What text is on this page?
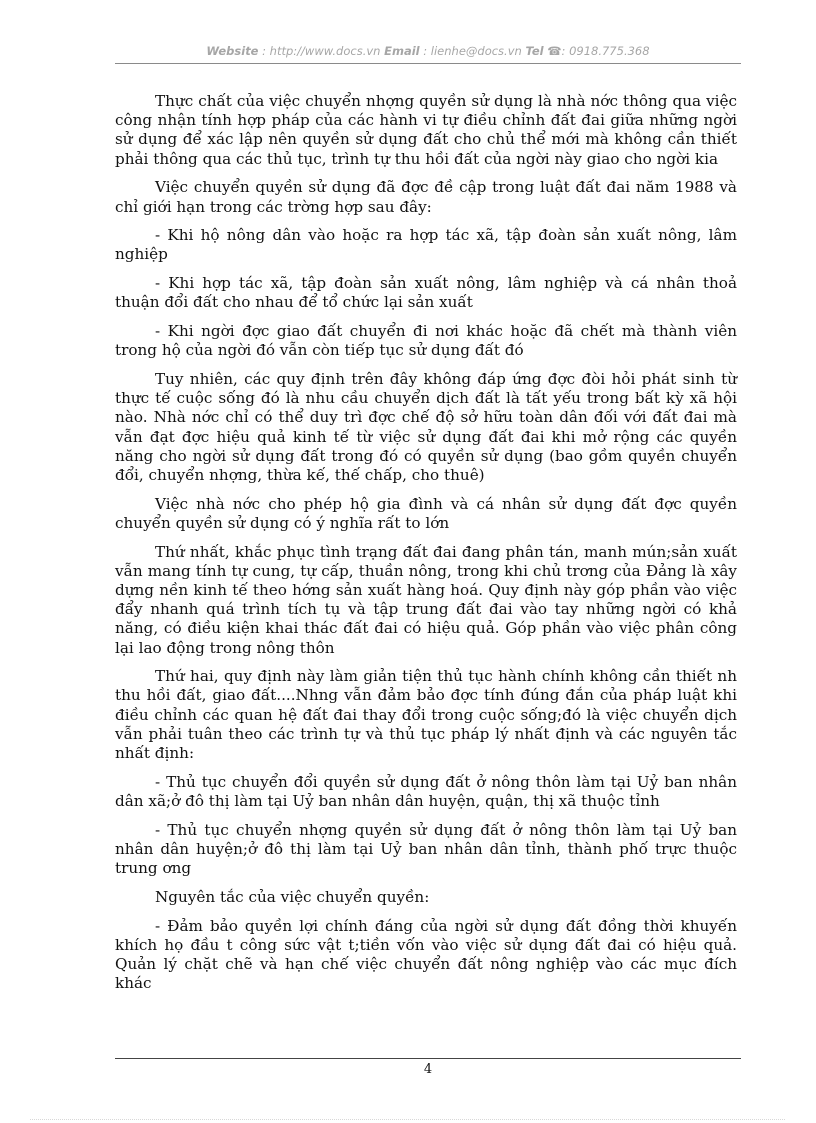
Website : http://www.docs.vn Email : lienhe@docs.vn Tel ☎: 0918.775.368

Thực chất của việc chuyển nhợng quyền sử dụng là nhà nớc thông qua việc công nhận tính hợp pháp của các hành vi tự điều chỉnh đất đai giữa những ngời sử dụng để xác lập nên quyền sử dụng đất cho chủ thể mới mà không cần thiết phải thông qua các thủ tục, trình tự thu hồi đất của ngời này giao cho ngời kia

Việc chuyển quyền sử dụng đã đợc đề cập trong luật đất đai năm 1988 và chỉ giới hạn trong các trờng hợp sau đây:

- Khi hộ nông dân vào hoặc ra hợp tác xã, tập đoàn sản xuất nông, lâm nghiệp

- Khi hợp tác xã, tập đoàn sản xuất nông, lâm nghiệp và cá nhân thoả thuận đổi đất cho nhau để tổ chức lại sản xuất

- Khi ngời đợc giao đất chuyển đi nơi khác hoặc đã chết mà thành viên trong hộ của ngời đó vẫn còn tiếp tục sử dụng đất đó

Tuy nhiên, các quy định trên đây không đáp ứng đợc đòi hỏi phát sinh từ thực tế cuộc sống đó là nhu cầu chuyển dịch đất là tất yếu trong bất kỳ xã hội nào. Nhà nớc chỉ có thể duy trì đợc chế độ sở hữu toàn dân đối với đất đai mà vẫn đạt đợc hiệu quả kinh tế từ việc sử dụng đất đai khi mở rộng các quyền năng cho ngời sử dụng đất trong đó có quyền sử dụng (bao gồm quyền chuyển đổi, chuyển nhợng, thừa kế, thế chấp, cho thuê)

Việc nhà nớc cho phép hộ gia đình và cá nhân sử dụng đất đợc quyền chuyển quyền sử dụng có ý nghĩa rất to lớn

Thứ nhất, khắc phục tình trạng đất đai đang phân tán, manh mún;sản xuất vẫn mang tính tự cung, tự cấp, thuần nông, trong khi chủ trơng của Đảng là xây dựng nền kinh tế theo hớng sản xuất hàng hoá. Quy định này góp phần vào việc đẩy nhanh quá trình tích tụ và tập trung đất đai vào tay những ngời có khả năng, có điều kiện khai thác đất đai có hiệu quả. Góp phần vào việc phân công lại lao động trong nông thôn

Thứ hai, quy định này làm giản tiện thủ tục hành chính không cần thiết nh thu hồi đất, giao đất....Nhng vẫn đảm bảo đợc tính đúng đắn của pháp luật khi điều chỉnh các quan hệ đất đai thay đổi trong cuộc sống;đó là việc chuyển dịch vẫn phải tuân theo các trình tự và thủ tục pháp lý nhất định và các nguyên tắc nhất định:

- Thủ tục chuyển đổi quyền sử dụng đất ở nông thôn làm tại Uỷ ban nhân dân xã;ở đô thị làm tại Uỷ ban nhân dân huyện, quận, thị xã thuộc tỉnh

- Thủ tục chuyển nhợng quyền sử dụng đất ở nông thôn làm tại Uỷ ban nhân dân huyện;ở đô thị làm tại Uỷ ban nhân dân tỉnh, thành phố trực thuộc trung ơng

Nguyên tắc của việc chuyển quyền:

- Đảm bảo quyền lợi chính đáng của ngời sử dụng đất đồng thời khuyến khích họ đầu t công sức vật t;tiền vốn vào việc sử dụng đất đai có hiệu quả. Quản lý chặt chẽ và hạn chế việc chuyển đất nông nghiệp vào các mục đích khác

4
